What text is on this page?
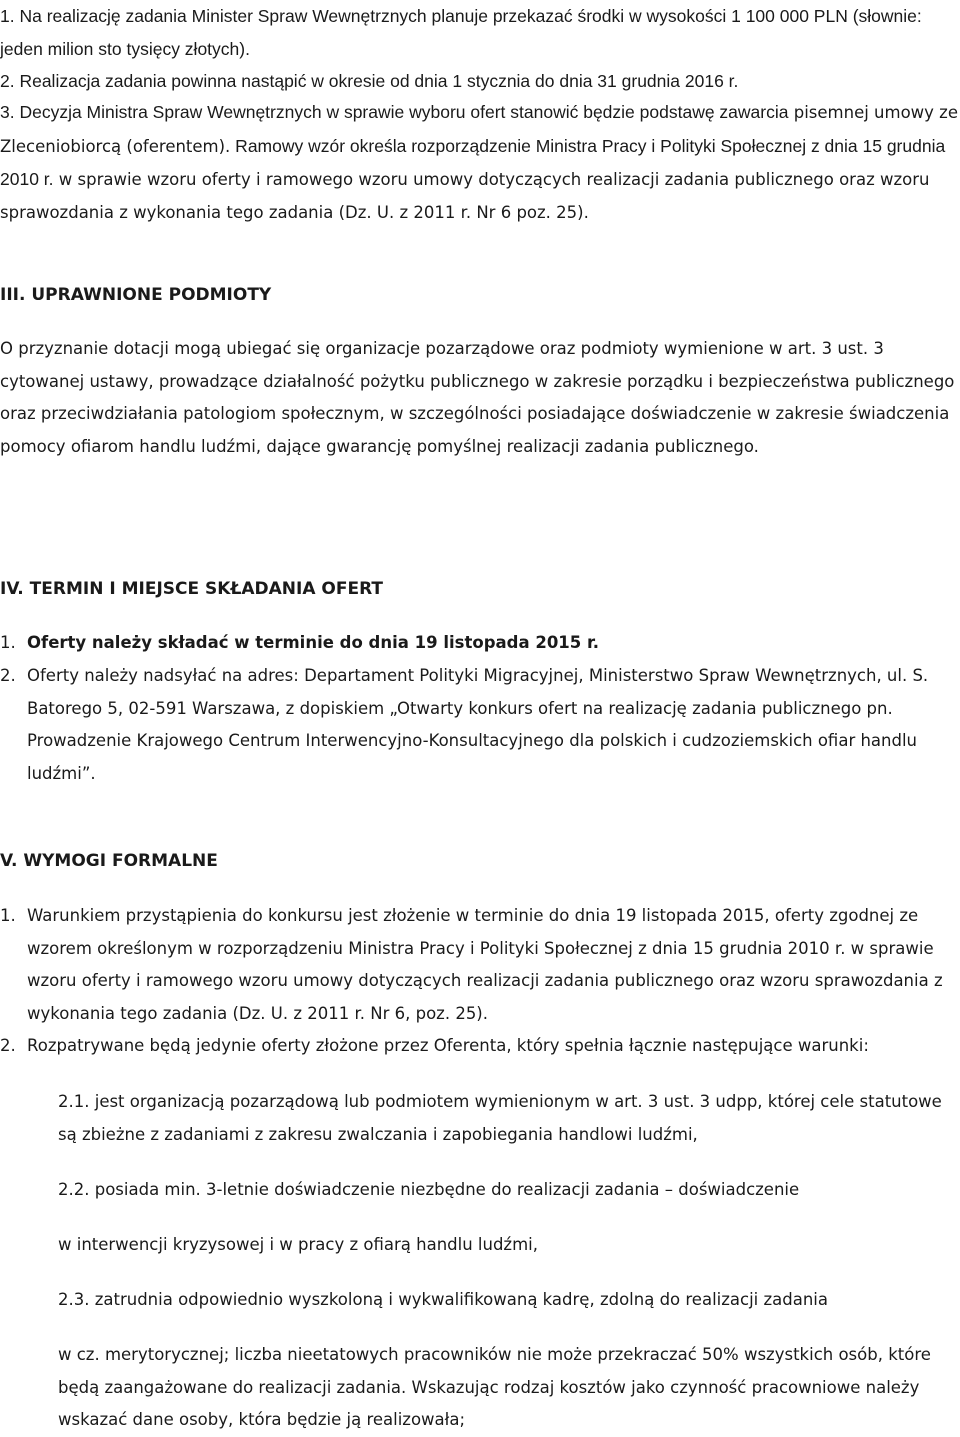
1. Na realizację zadania Minister Spraw Wewnętrznych planuje przekazać środki w wysokości 1 100 000 PLN (słownie: jeden milion sto tysięcy złotych).

2. Realizacja zadania powinna nastąpić w okresie od dnia 1 stycznia do dnia 31 grudnia 2016 r.

3. Decyzja Ministra Spraw Wewnętrznych w sprawie wyboru ofert stanowić będzie podstawę zawarcia pisemnej umowy ze Zleceniobiorcą (oferentem). Ramowy wzór określa rozporządzenie Ministra Pracy i Polityki Społecznej z dnia 15 grudnia 2010 r. w sprawie wzoru oferty i ramowego wzoru umowy dotyczących realizacji zadania publicznego oraz wzoru sprawozdania z wykonania tego zadania (Dz. U. z 2011 r. Nr 6 poz. 25).

III. UPRAWNIONE PODMIOTY

O przyznanie dotacji mogą ubiegać się organizacje pozarządowe oraz podmioty wymienione w art. 3 ust. 3 cytowanej ustawy, prowadzące działalność pożytku publicznego w zakresie porządku i bezpieczeństwa publicznego oraz przeciwdziałania patologiom społecznym, w szczególności posiadające doświadczenie w zakresie świadczenia pomocy ofiarom handlu ludźmi, dające gwarancję pomyślnej realizacji zadania publicznego.

IV. TERMIN I MIEJSCE SKŁADANIA OFERT
1. Oferty należy składać w terminie do dnia 19 listopada 2015 r.
2. Oferty należy nadsyłać na adres: Departament Polityki Migracyjnej, Ministerstwo Spraw Wewnętrznych, ul. S. Batorego 5, 02-591 Warszawa, z dopiskiem „Otwarty konkurs ofert na realizację zadania publicznego pn. Prowadzenie Krajowego Centrum Interwencyjno-Konsultacyjnego dla polskich i cudzoziemskich ofiar handlu ludźmi”.
V. WYMOGI FORMALNE
1. Warunkiem przystąpienia do konkursu jest złożenie w terminie do dnia 19 listopada 2015, oferty zgodnej ze wzorem określonym w rozporządzeniu Ministra Pracy i Polityki Społecznej z dnia 15 grudnia 2010 r. w sprawie wzoru oferty i ramowego wzoru umowy dotyczących realizacji zadania publicznego oraz wzoru sprawozdania z wykonania tego zadania (Dz. U. z 2011 r. Nr 6, poz. 25).
2. Rozpatrywane będą jedynie oferty złożone przez Oferenta, który spełnia łącznie następujące warunki:

2.1. jest organizacją pozarządową lub podmiotem wymienionym w art. 3 ust. 3 udpp, której cele statutowe są zbieżne z zadaniami z zakresu zwalczania i zapobiegania handlowi ludźmi,

2.2. posiada min. 3-letnie doświadczenie niezbędne do realizacji zadania – doświadczenie

w interwencji kryzysowej i w pracy z ofiarą handlu ludźmi,

2.3. zatrudnia odpowiednio wyszkoloną i wykwalifikowaną kadrę, zdolną do realizacji zadania

w cz. merytorycznej; liczba nieetatowych pracowników nie może przekraczać 50% wszystkich osób, które będą zaangażowane do realizacji zadania. Wskazując rodzaj kosztów jako czynność pracowniowe należy wskazać dane osoby, która będzie ją realizowała;
